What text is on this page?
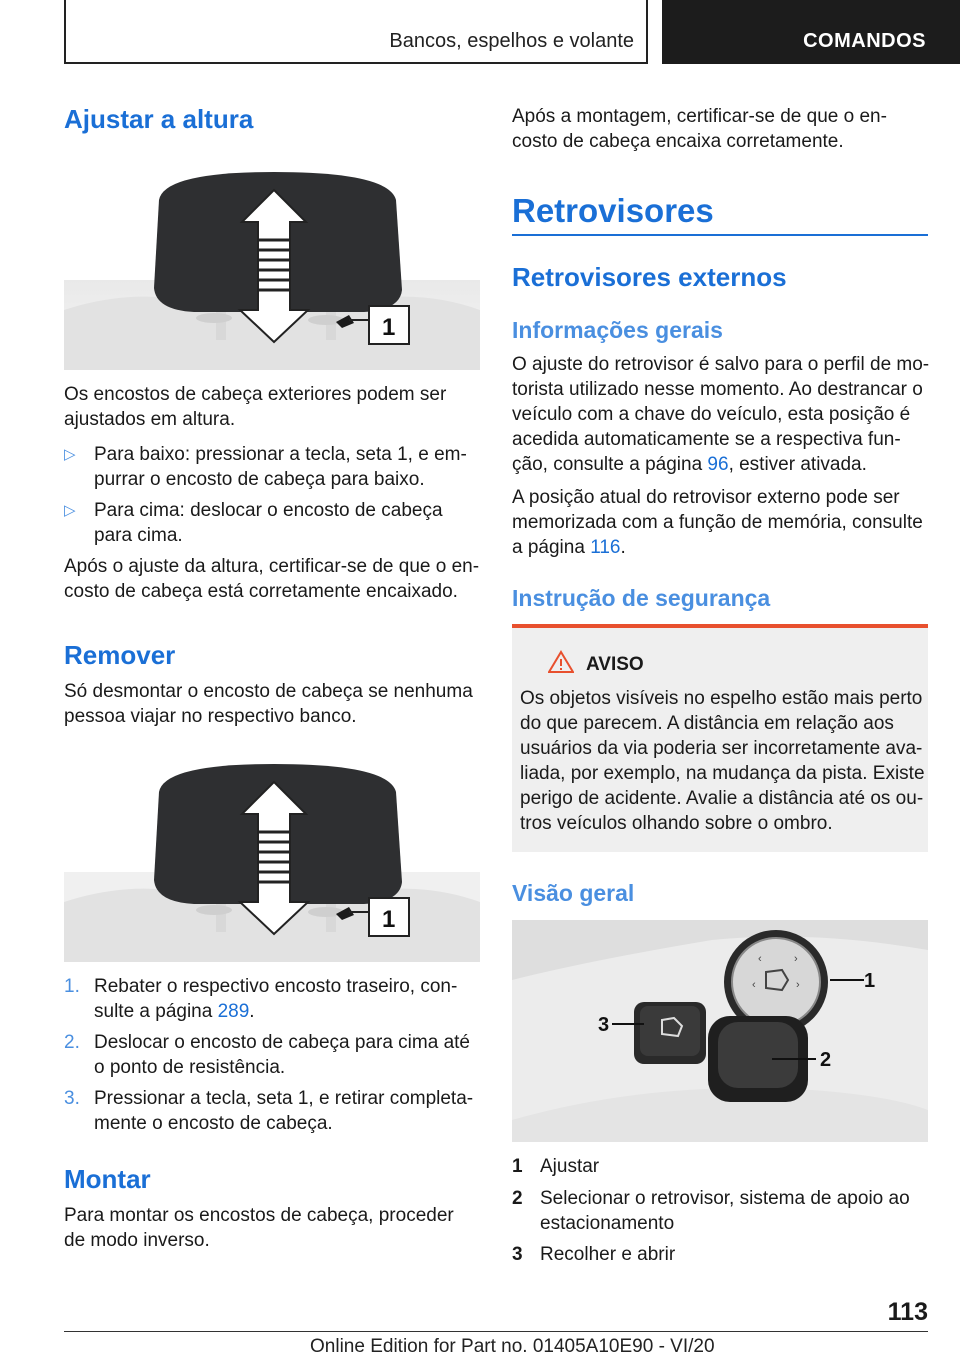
Bancos, espelhos e volante	COMANDOS
Ajustar a altura
1

Os encostos de cabeça exteriores podem ser ajustados em altura.

▷ Para baixo: pressionar a tecla, seta 1, e em-
purrar o encosto de cabeça para baixo.
▷ Para cima: deslocar o encosto de cabeça
para cima.

Após o ajuste da altura, certificar-se de que o en-

costo de cabeça está corretamente encaixado.

Remover

Só desmontar o encosto de cabeça se nenhuma

pessoa viajar no respectivo banco.

1
1. Rebater o respectivo encosto traseiro, con-
sulte a página 289.
2. Deslocar o encosto de cabeça para cima até
o ponto de resistência.
3. Pressionar a tecla, seta 1, e retirar completa-
mente o encosto de cabeça.
Montar

Para montar os encostos de cabeça, proceder

de modo inverso.

Após a montagem, certificar-se de que o en-

costo de cabeça encaixa corretamente.

Retrovisores
Retrovisores externos
Informações gerais

O ajuste do retrovisor é salvo para o perfil de mo-

torista utilizado nesse momento. Ao destrancar o

veículo com a chave do veículo, esta posição é

acedida automaticamente se a respectiva fun-

ção, consulte a página 96, estiver ativada.

A posição atual do retrovisor externo pode ser

memorizada com a função de memória, consulte

a página 116.

Instrução de segurança
AVISO

Os objetos visíveis no espelho estão mais perto

do que parecem. A distância em relação aos

usuários da via poderia ser incorretamente ava-

liada, por exemplo, na mudança da pista. Existe

perigo de acidente. Avalie a distância até os ou-

tros veículos olhando sobre o ombro.

Visão geral
‹
‹
›
›	1
2
3
1 Ajustar
2 Selecionar o retrovisor, sistema de apoio ao
estacionamento
3 Recolher e abrir
113
Online Edition for Part no. 01405A10E90 - VI/20
